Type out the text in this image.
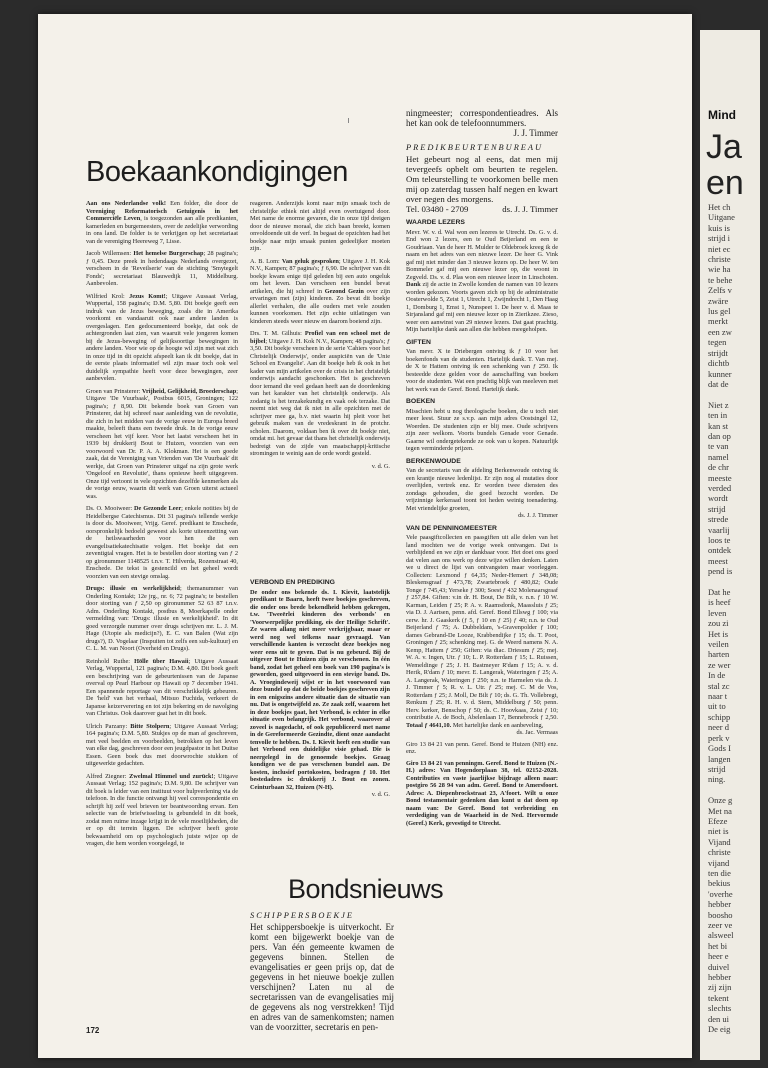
Boekaankondigingen

Aan ons Nederlandse volk! Een folder, die door de Vereniging Reformatorisch Getuigenis in het Commerciële Leven, is toegezonden aan alle predikanten, kamerleden en burgemeesters, over de zedelijke verwording in ons land. De folder is te verkrijgen op het secretariaat van de vereniging Heereweg 7, Lisse.

Jacob Willemsen: Het hemelse Burgerschap; 28 pagina's; ƒ 0,45. Deze preek in hedendaags Nederlands overgezet, verscheen in de 'Reveilserie' van de stichting 'Smytegelt Fonds'; secretariaat Blauwedijk 11, Middelburg. Aanbevolen.

Wilfried Krol: Jezus Komt!; Uitgave Aussaat Verlag, Wuppertal, 158 pagina's; D.M. 5,80. Dit boekje geeft een indruk van de Jezus beweging, zoals die in Amerika voorkomt en vandaaruit ook naar andere landen is overgeslagen. Een gedocumenteerd boekje, dat ook de achtergronden laat zien, van waaruit vele jongeren komen bij de Jezus-beweging of gelijksoortige bewegingen in andere landen. Voor wie op de hoogte wil zijn met wat zich in onze tijd in dit opzicht afspeelt kan ik dit boekje, dat in de eerste plaats informatief wil zijn maar toch ook wel duidelijk sympathie heeft voor deze bewegingen, zeer aanbevelen.

Groen van Prinsterer: Vrijheid, Gelijkheid, Broederschap; Uitgave 'De Vuurbaak', Postbus 6015, Groningen; 122 pagina's; ƒ 8,90. Dit bekende boek van Groen van Prinsterer, dat hij schreef naar aanleiding van de revolutie, die zich in het midden van de vorige eeuw in Europa breed maakte, beleeft thans een tweede druk. In de vorige eeuw verscheen het vijf keer. Voor het laatst verscheen het in 1939 bij drukkerij Bout te Huizen, voorzien van een voorwoord van Dr. P. A. A. Klokman. Het is een goede zaak, dat de Vereniging van Vrienden van 'De Vuurbaak' dit werkje, dat Groen van Prinsterer uitgaf na zijn grote werk 'Ongeloof en Revolutie', thans opnieuw heeft uitgegeven. Onze tijd vertoont in vele opzichten dezelfde kenmerken als de vorige eeuw, waarin dit werk van Groen uiterst actueel was.

Ds. O. Mooiweer: De Gezonde Leer; enkele notities bij de Heidelbergse Catechismus. Dit 31 pagina's tellende werkje is door ds. Mooiweer, Vrijg. Geref. predikant te Enschede, oorspronkelijk bedoeld geweest als korte uiteenzetting van de heilswaarheden voor hen die een evangelisatiekatechisatie volgen. Het boekje dat een zeventigtal vragen. Het is te bestellen door storting van ƒ 2 op gironummer 1148525 t.n.v. T. Hilverda, Rozenstraat 40, Enschede. De tekst is gestencild en het geheel wordt voorzien van een stevige omslag.

Drugs: illusie en werkelijkheid; themanummer van Onderling Kontakt; 12e jrg., nr. 6; 72 pagina's; te bestellen door storting van ƒ 2,50 op gironummer 52 63 87 t.n.v. Adm. Onderling Kontakt, postbus 8, Moerkapelle onder vermelding van: 'Drugs: illusie en werkelijkheid'. In dit goed verzorgde nummer over drugs schrijven mr. L. J. M. Hage (Utopie als medicijn?), E. C. van Balen (Wat zijn drugs?), D. Vogelaar (Inspuiten tot zelfs een sub-kultuur) en C. L. M. van Noort (Overheid en Drugs).

Reinhold Ruthe: Hölle über Hawaii; Uitgave Aussaat Verlag, Wuppertal, 121 pagina's; D.M. 4,80. Dit boek geeft een beschrijving van de gebeurtenissen van de Japanse overval op Pearl Harbour op Hawaii op 7 december 1941. Een spannende reportage van dit verschrikkelijk gebeuren. De 'held' van het verhaal, Mitsuo Fuchida, verkeert de Japanse keizerverering en tot zijn bekering en de navolging van Christus. Ook daarover gaat het in dit boek.

Ulrich Parzany: Bitte Stolpern; Uitgave Aussaat Verlag; 164 pagina's; D.M. 5,80. Stukjes op de man af geschreven, met veel beelden en voorbeelden, betrokken op het leven van elke dag, geschreven door een jeugdpastor in het Duitse Essen. Geen boek dus met doorwrochte stukken of uitgewerkte gedachten.

Alfred Ziegner: Zwelmal Himmel und zurück!; Uitgave Aussaat Verlag; 152 pagina's; D.M. 9,80. De schrijver van dit boek is leider van een instituut voor hulpverlening via de telefoon. In die functie ontvangt hij veel correspondentie en schrijft hij zelf veel brieven ter beantwoording ervan. Een selectie van de briefwisseling is gebundeld in dit boek, zodat men ruime inzage krijgt in de vele moeilijkheden, die er op dit terrein liggen. De schrijver heeft grote bekwaamheid om op psychologisch juiste wijze op de vragen, die hem worden voorgelegd, te

reageren. Anderzijds komt naar mijn smaak toch de christelijke ethiek niet altijd even overtuigend door. Met name de enorme gevaren, die in onze tijd dreigen door de nieuwe moraal, die zich baan breekt, komen onvoldoende uit de verf. In begaat de opzichten had het boekje naar mijn smaak punten gedeelijker moeten zijn.

A. B. Lom: Van geluk gesproken; Uitgave J. H. Kok N.V., Kampen; 87 pagina's; ƒ 6,90. De schrijver van dit boekje kwam enige tijd geleden bij een auto ongeluk om het leven. Dan verscheen een bundel bevat artikelen, die hij schreef in Gezond Gezin over zijn ervaringen met (zijn) kinderen. Zo bevat dit boekje allerlei verhalen, die alle ouders met vele zouden kunnen voorkomen. Het zijn echte uitlatingen van kinderen steeds weer nieuw en daarom boeiend zijn.

Drs. T. M. Gilhuis: Profiel van een school met de bijbel; Uitgave J. H. Kok N.V., Kampen; 48 pagina's; ƒ 3,50. Dit boekje verscheen in de serie 'Cahiers voor het Christelijk Onderwijs', onder auspiciën van de 'Unie School en Evangelie'. Aan dit boekje heb ik ook in het kader van mijn artikelen over de crisis in het christelijk onderwijs aandacht geschonken. Het is geschreven door iemand die veel gedaan heeft aan de doordenking van het karakter van het christelijk onderwijs. Als zodanig is het terzakekundig en vaak ook terzake. Dat neemt niet weg dat ik niet in alle opzichten met de schrijver mee ga, b.v. niet waarin hij pleit voor het gebruik maken van de vredeskrant in de protchr. scholen. Daarom, voldaan ben ik over dit boekje niet, omdat mi. het gevaar dat thans het christelijk onderwijs bedreigt van de zijde van maatschappij-kritische stromingen te weinig aan de orde wordt gesteld.

v. d. G.
VERBOND EN PREDIKING
De onder ons bekende ds. I. Kievit, laatstelijk predikant te Baarn, heeft twee boekjes geschreven, die onder ons brede bekendheid hebben gekregen, t.w. 'Tweeërlei kinderen des verbonds' en 'Voorwerpelijke prediking, eis der Heilige Schrift'. Ze waren allang niet meer verkrijgbaar, maar er werd nog wel telkens naar gevraagd. Van verschillende kanten is verzocht deze boekjes nog weer eens uit te geven. Dat is nu gebeurd. Bij de uitgever Bout te Huizen zijn ze verschenen. In één band, zodat het geheel een boek van 190 pagina's is geworden, goed uitgevoerd in een stevige band. Ds. A. Vroegindeweij wijst er in het voorwoord van deze bundel op dat de beide boekjes geschreven zijn in een enigszins andere situatie dan de situatie van nu. Dat is ongetwijfeld zo. Ze zaak zelf, waarom het in deze boekjes gaat, het Verbond, is echter in elke situatie even belangrijk. Het verbond, waarover al zoveel is nagedacht, of ook gepubliceerd met name in de Gereformeerde Gezindte, dient onze aandacht tenvolle te hebben. Ds. I. Kievit heeft een studie van het Verbond een duidelijke visie gehad. Die is neergelegd in de genoemde boekjes. Graag kondigen we de pas verschenen bundel aan. De kosten, inclusief portokosten, bedragen ƒ 10. Het bestedadres is: drukkerij J. Bout en zonen. Ceinturbaan 32, Huizen (N-H).
v. d. G.
Bondsnieuws
SCHIPPERSBOEKJE
Het schippersboekje is uitverkocht. Er komt een bijgewerkt boekje van de pers. Van één gemeente kwamen de gegevens binnen. Stellen de evangelisaties er geen prijs op, dat de gegevens in het nieuwe boekje zullen verschijnen? Laten nu al de secretarissen van de evangelisaties mij de gegevens als nog verstrekken! Tijd en adres van de samenkomsten; namen van de voorzitter, secretaris en pen-
ningmeester; correspondentieadres. Als het kan ook de telefoonnummers.
J. J. Timmer
PREDIKBEURTENBUREAU
Het gebeurt nog al eens, dat men mij tevergeefs opbelt om beurten te regelen. Om teleurstelling te voorkomen belle men mij op zaterdag tussen half negen en kwart over negen des morgens.
Tel. 03480 - 2709	ds. J. J. Timmer
WAARDE LEZERS
Mevr. W. v. d. Wal won een lezeres te Utrecht. Ds. G. v. d. End won 2 lezers, een te Oud Beijerland en een te Goudriaan. Van de heer H. Mulder te Oldebroek kreeg ik de naam en het adres van een nieuwe lezer. De heer G. Vink gaf mij niet minder dan 3 nieuwe lezers op. De heer W. ten Bommeler gaf mij een nieuwe lezer op, die woont in Zegveld. Ds. v. d. Plas won een nieuwe lezer in Linschoten. Dank zij de actie in Zwolle konden de namen van 10 lezers worden gekozen. Voorts gaven zich op bij de administratie Oosterwolde 5, Zeist 1, Utrecht 1, Zwijndrecht 1, Den Haag 1, Domburg 1, Emst 1, Nunspeet 1. De heer v. d. Maas te Sirjansland gaf mij een nieuwe lezer op in Zierikzee. Zieso, weer een aanwinst van 29 nieuwe lezers. Dat gaat prachtig. Mijn hartelijke dank aan allen die hebben meegeholpen.
GIFTEN
Van mevr. X te Driebergen ontving ik ƒ 10 voor het boekenfonds van de studenten. Hartelijk dank. T. Van mej. de X te Hattem ontving ik een schenking van ƒ 250. Ik besteedde deze gelden voor de aanschaffing van boeken voor de studenten. Wat een prachtig blijk van meeleven met het werk van de Geref. Bond. Hartelijk dank.
BOEKEN
Misschien hebt u nog theologische boeken, die u toch niet meer leest. Stuur ze s.v.p. aan mijn adres Oostsingel 12, Woerden. De studenten zijn er blij mee. Oude schrijvers zijn zeer welkom. Voorts bundels Genade voor Genade. Gaarne wil ondergetekende ze ook van u kopen. Natuurlijk tegen verminderde prijzen.
BERKENWOUDE
Van de secretaris van de afdeling Berkenwoude ontving ik een krantje nieuwe ledenlijst. Er zijn nog al mutaties door overlijden, vertrek enz. Er worden twee diensten des zondags gehouden, die goed bezocht worden. De vrijzinnige kerkeraad toont tot heden weinig toenadering. Met vriendelijke groeten,
ds. J. J. Timmer
VAN DE PENNINGMEESTER
Vele paasgiftcollecten en paasgiften uit alle delen van het land mochten we de vorige week ontvangen. Dat is verblijdend en we zijn er dankbaar voor. Het doet ons goed dat velen aan ons werk op deze wijze willen denken. Laten we u direct de lijst van ontvangsten maar voorleggen. Collecten: Lexmond ƒ 64,35; Neder-Hemert ƒ 348,08; Bleskensgraaf ƒ 473,78; Zwartebroek ƒ 480,82; Oude Tonge ƒ 745,43; Yerseke ƒ 300; Soest ƒ 432 Molenaarsgraaf ƒ 257,84. Giften: v.in dr. H. Bout, De Bilt, v. n.n. ƒ 10 W. Karman, Leiden ƒ 25; P. A. v. Raamsdonk, Maassluis ƒ 25; via D. J. Aartsen, penn. afd. Geref. Bond Ellswg ƒ 100; via cerw. hr. J. Gaaskerk (ƒ 5, ƒ 10 en ƒ 25) ƒ 40; n.n. te Oud Beijerland ƒ 75; A. Dubbeldam, 's-Gravenpolder ƒ 100; dames Gebrand-De Looze, Krabbendijke ƒ 15; ds. T. Poot, Groningen ƒ 25; schenking mej. G. de Weerd namens N. A. Kemp, Hattem ƒ 250; Giften: via diac. Driesum ƒ 25; mej. W. A. v. Ingen, Utr. ƒ 10; L. P. Rotterdam ƒ 15; L. Ruissen, Wemeldinge ƒ 25; J. H. Bastmeyer R'dam ƒ 15; A. v. d. Herik, R'dam ƒ 10; mevr. E. Langerak, Wateringen ƒ 25; A. A. Langerak, Wateringen ƒ 250; n.n. te Harmelen via ds. J. J. Timmer ƒ 5; R. v. L. Utr. ƒ 25; mej. C. M de Vos, Rotterdam ƒ 25; J. Moll, De Bilt ƒ 10; ds. G. Th. Vollebregt, Renkum ƒ 25; R. H. v. d. Stem, Middelburg ƒ 50; penn. Herv. kerker, Benschop ƒ 50; ds. C. Hoovkaas, Zeist ƒ 10; contributie A. de Boch, Abelenlaan 17, Bennebrock ƒ 2,50. Totaal ƒ 4641,10. Met hartelijke dank en aanbeveling,
ds. Jac. Vermaas

Giro 13 84 21 van penn. Geref. Bond te Huizen (NH) enz. enz.

Giro 13 84 21 van penningm. Geref. Bond te Huizen (N.-H.) adres: Van Hogendorplaan 38, tel. 02152-2028. Contributies en vaste jaarlijkse bijdrage alleen naar: postgiro 56 28 94 van adm. Geref. Bond te Amersfoort. Adres: A. Diepenbrockstraat 23, A'foort. Wilt u onze Bond testamentair gedenken dan kunt u dat doen op naam van: De Geref. Bond tot verbreiding en verdediging van de Waarheid in de Ned. Hervormde (Geref.) Kerk, gevestigd te Utrecht.

172
Mind
Ja
en
Het ch
Uitgane
kuis is
strijd i
niet ec
christe
wie ha
te behe
Zelfs v
zwäre
lus gel
merkt
een zw
tegen
strijdt
dichtb
kunner
dat de
Niet z
ten in
kan st
dan op
te van
namel
de chr
meeste
verded
wordt
strijd
strede
vaarlij
loos te
ontdek
meest
pend is
Dat he
is heef
leven
zou zi
Het is
veilen
harten
ze wer
In de
stal zc
naar t
uit to
schipp
neer d
perk v
Gods I
langen
strijd
ning.
Onze g
Met na
Efeze
niet is
Vijand
christe
vijand
ten die
bekius
'overhe
hebber
boosho
zeer ve
alsweel
het bi
heer e
duivel
hebber
zij zijn
tekent
slechts
den ui
De eig
